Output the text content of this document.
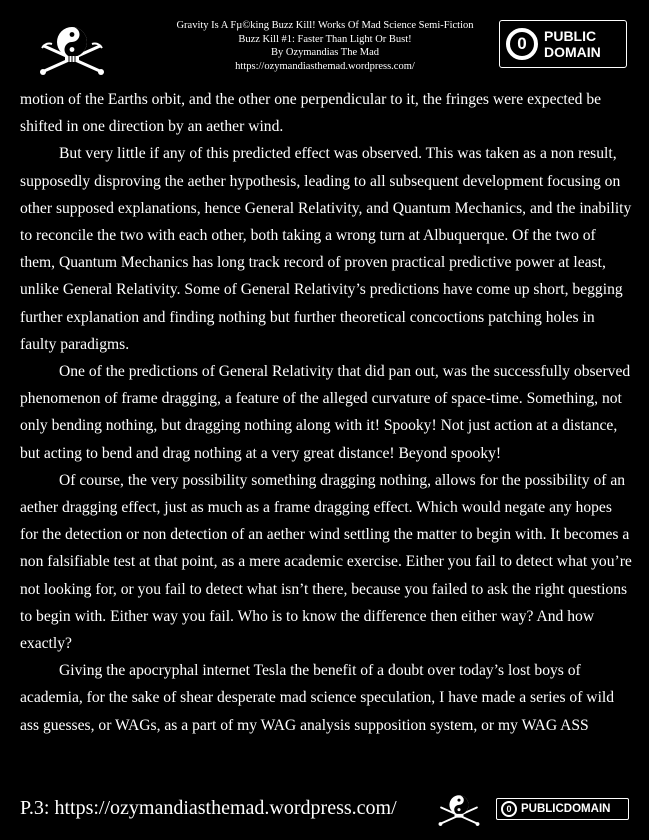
Gravity Is A Fµ©king Buzz Kill! Works Of Mad Science Semi-Fiction
Buzz Kill #1: Faster Than Light Or Bust!
By Ozymandias The Mad
https://ozymandiasthemad.wordpress.com/
0	PUBLIC
DOMAIN

motion of the Earths orbit, and the other one perpendicular to it, the fringes were expected be shifted in one direction by an aether wind.

But very little if any of this predicted effect was observed. This was taken as a non result, supposedly disproving the aether hypothesis, leading to all subsequent development focusing on other supposed explanations, hence General Relativity, and Quantum Mechanics, and the inability to reconcile the two with each other, both taking a wrong turn at Albuquerque. Of the two of them, Quantum Mechanics has long track record of proven practical predictive power at least, unlike General Relativity. Some of General Relativity’s predictions have come up short, begging further explanation and finding nothing but further theoretical concoctions patching holes in faulty paradigms.

One of the predictions of General Relativity that did pan out, was the successfully observed phenomenon of frame dragging, a feature of the alleged curvature of space-time. Something, not only bending nothing, but dragging nothing along with it! Spooky! Not just action at a distance, but acting to bend and drag nothing at a very great distance! Beyond spooky!

Of course, the very possibility something dragging nothing, allows for the possibility of an aether dragging effect, just as much as a frame dragging effect. Which would negate any hopes for the detection or non detection of an aether wind settling the matter to begin with. It becomes a non falsifiable test at that point, as a mere academic exercise. Either you fail to detect what you’re not looking for, or you fail to detect what isn’t there, because you failed to ask the right questions to begin with. Either way you fail. Who is to know the difference then either way? And how exactly?

Giving the apocryphal internet Tesla the benefit of a doubt over today’s lost boys of academia, for the sake of shear desperate mad science speculation, I have made a series of wild ass guesses, or WAGs, as a part of my WAG analysis supposition system, or my WAG ASS

P.3: https://ozymandiasthemad.wordpress.com/	0 PUBLICDOMAIN
